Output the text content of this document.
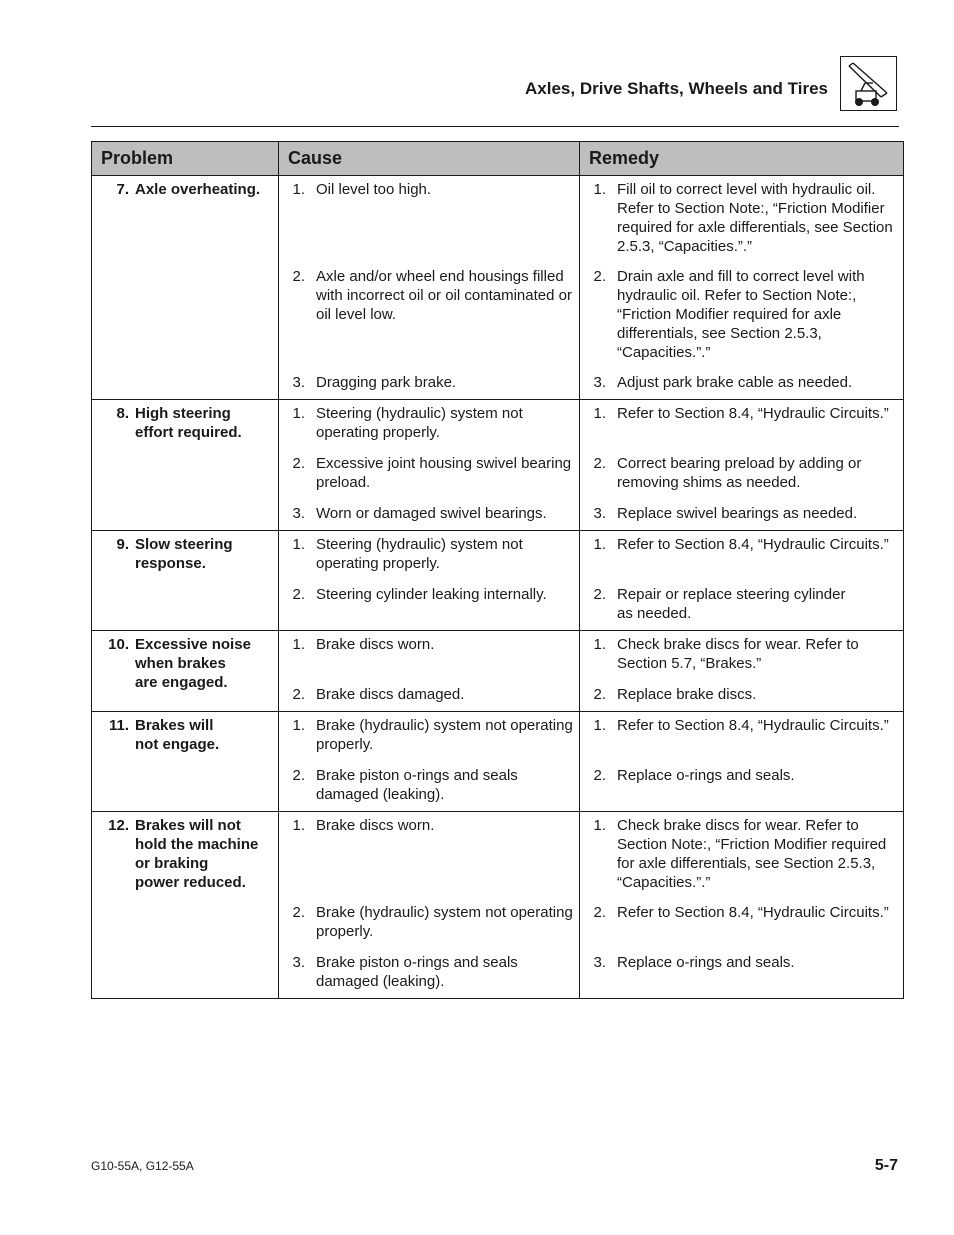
Axles, Drive Shafts, Wheels and Tires
Problem	Cause	Remedy

7. Axle overheating.	1. Oil level too high.	1. Fill oil to correct level with hydraulic oil. Refer to Section Note:, “Friction Modifier required for axle differentials, see Section 2.5.3, “Capacities.”.”

	2. Axle and/or wheel end housings filled with incorrect oil or oil contaminated or oil level low.	2. Drain axle and fill to correct level with hydraulic oil. Refer to Section Note:, “Friction Modifier required for axle differentials, see Section 2.5.3, “Capacities.”.”

	3. Dragging park brake.	3. Adjust park brake cable as needed.

8. High steering
effort required.	1. Steering (hydraulic) system not operating properly.	1. Refer to Section 8.4, “Hydraulic Circuits.”

	2. Excessive joint housing swivel bearing preload.	2. Correct bearing preload by adding or removing shims as needed.

	3. Worn or damaged swivel bearings.	3. Replace swivel bearings as needed.

9. Slow steering
response.	1. Steering (hydraulic) system not operating properly.	1. Refer to Section 8.4, “Hydraulic Circuits.”

	2. Steering cylinder leaking internally.	2. Repair or replace steering cylinder
as needed.

10. Excessive noise
when brakes
are engaged.	1. Brake discs worn.	1. Check brake discs for wear. Refer to Section 5.7, “Brakes.”

	2. Brake discs damaged.	2. Replace brake discs.

11. Brakes will
not engage.	1. Brake (hydraulic) system not operating properly.	1. Refer to Section 8.4, “Hydraulic Circuits.”

	2. Brake piston o-rings and seals damaged (leaking).	2. Replace o-rings and seals.

12. Brakes will not
hold the machine
or braking
power reduced.	1. Brake discs worn.	1. Check brake discs for wear. Refer to Section Note:, “Friction Modifier required for axle differentials, see Section 2.5.3, “Capacities.”.”

	2. Brake (hydraulic) system not operating properly.	2. Refer to Section 8.4, “Hydraulic Circuits.”

	3. Brake piston o-rings and seals damaged (leaking).	3. Replace o-rings and seals.
G10-55A, G12-55A	5-7
